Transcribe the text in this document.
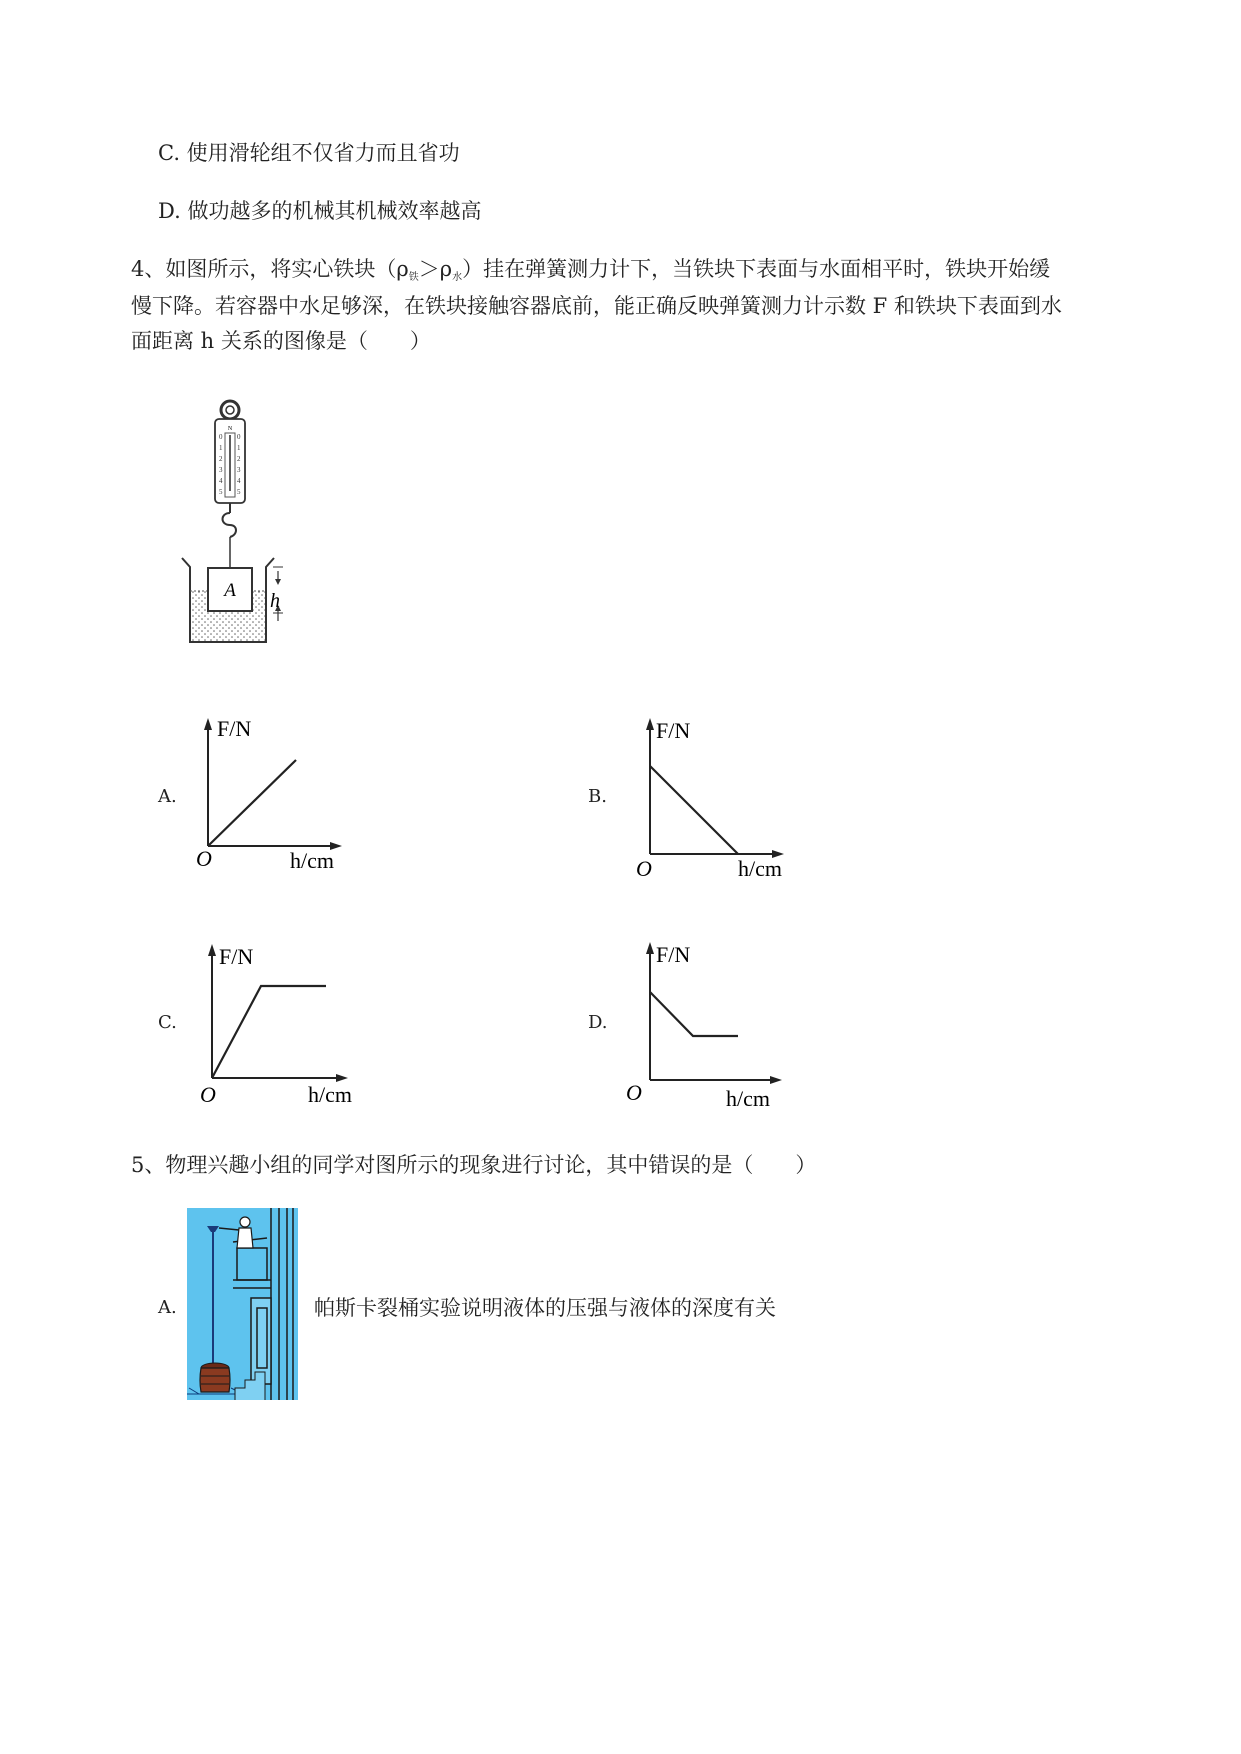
C. 使用滑轮组不仅省力而且省功
D. 做功越多的机械其机械效率越高
4、如图所示，将实心铁块$(\rho_铁>\rho_水)$挂在弹簧测力计下，当铁块下表面与水面相平时，铁块开始缓
慢下降。若容器中水足够深，在铁块接触容器底前，能正确反映弹簧测力计示数 F 和铁块下表面到水
面距离 h 关系的图像是（　　）
N
0
1
2
3
4
5
0
1
2
3
4
5
A h
A.	B.
C.	D.
F/N
O	h/cm
F/N
O	h/cm
F/N
O	h/cm
F/N
O	h/cm
5、物理兴趣小组的同学对图所示的现象进行讨论，其中错误的是（　　）
A.	帕斯卡裂桶实验说明液体的压强与液体的深度有关
